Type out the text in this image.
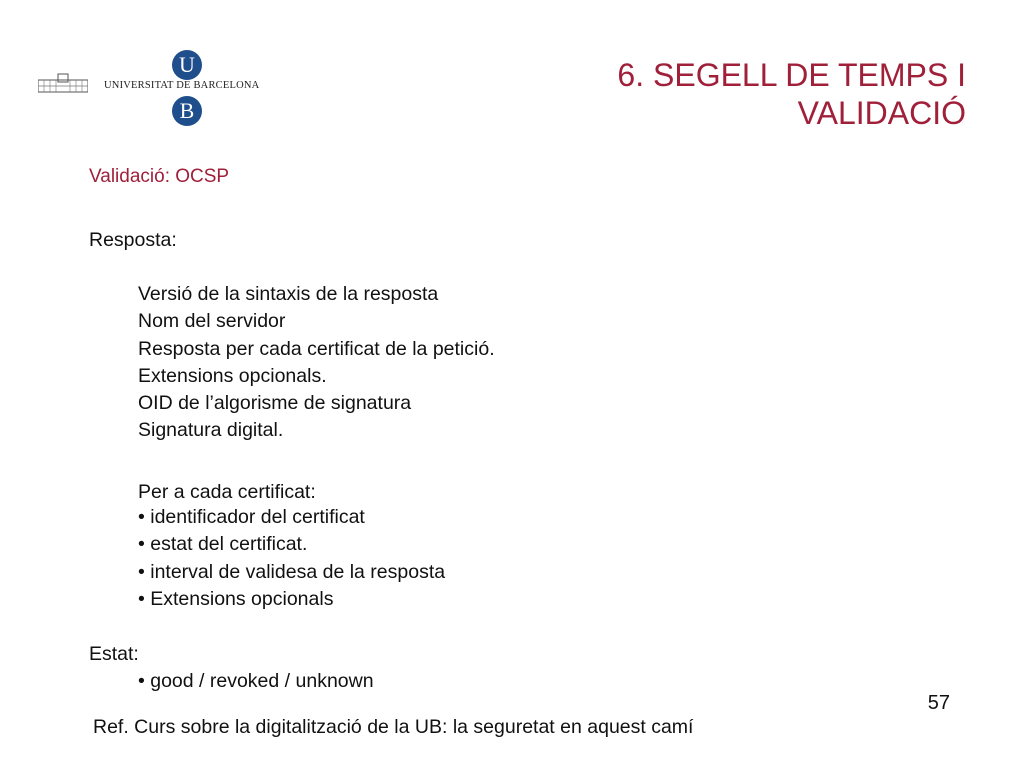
UNIVERSITAT DE BARCELONA
U
B
6. SEGELL DE TEMPS I
VALIDACIÓ
Validació: OCSP
Resposta:
Versió de la sintaxis de la resposta
Nom del servidor
Resposta per cada certificat de la petició.
Extensions opcionals.
OID de l’algorisme de signatura
Signatura digital.
Per a cada certificat:
• identificador del certificat
• estat del certificat.
• interval de validesa de la resposta
• Extensions opcionals
Estat:
• good / revoked / unknown
57
Ref. Curs sobre la digitalització de la UB: la seguretat en aquest camí
